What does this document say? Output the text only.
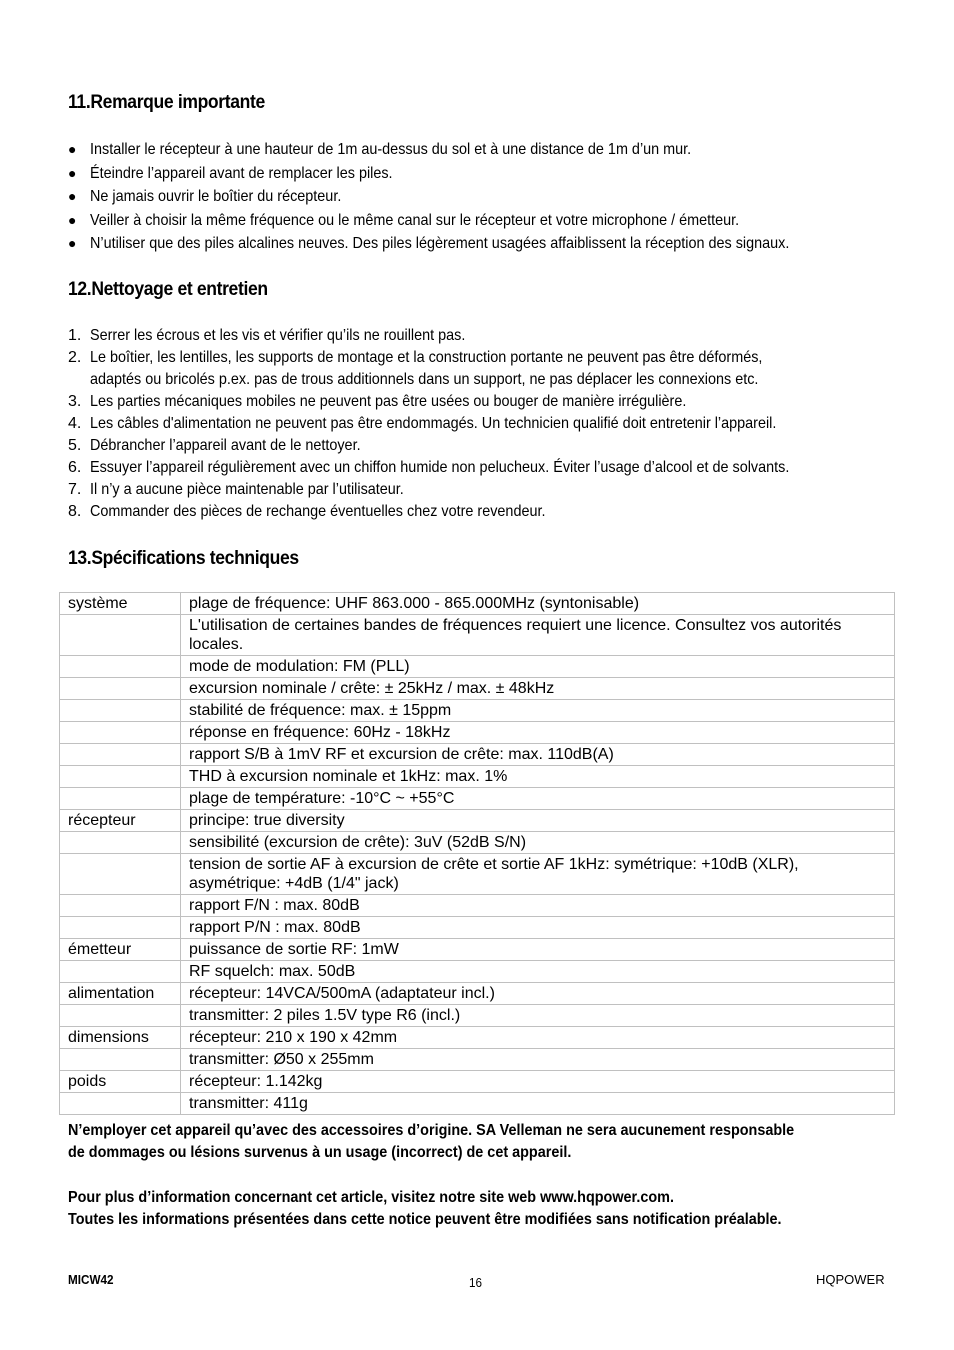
11.Remarque importante
● Installer le récepteur à une hauteur de 1m au-dessus du sol et à une distance de 1m d’un mur.
● Éteindre l’appareil avant de remplacer les piles.
● Ne jamais ouvrir le boîtier du récepteur.
● Veiller à choisir la même fréquence ou le même canal sur le récepteur et votre microphone / émetteur.
● N’utiliser que des piles alcalines neuves. Des piles légèrement usagées affaiblissent la réception des signaux.
12.Nettoyage et entretien
1. Serrer les écrous et les vis et vérifier qu’ils ne rouillent pas.
2. Le boîtier, les lentilles, les supports de montage et la construction portante ne peuvent pas être déformés,
adaptés ou bricolés p.ex. pas de trous additionnels dans un support, ne pas déplacer les connexions etc.
3. Les parties mécaniques mobiles ne peuvent pas être usées ou bouger de manière irrégulière.
4. Les câbles d'alimentation ne peuvent pas être endommagés. Un technicien qualifié doit entretenir l’appareil.
5. Débrancher l’appareil avant de le nettoyer.
6. Essuyer l’appareil régulièrement avec un chiffon humide non pelucheux. Éviter l’usage d’alcool et de solvants.
7. Il n’y a aucune pièce maintenable par l’utilisateur.
8. Commander des pièces de rechange éventuelles chez votre revendeur.
13.Spécifications techniques
système	plage de fréquence: UHF 863.000 - 865.000MHz (syntonisable)
	L'utilisation de certaines bandes de fréquences requiert une licence. Consultez vos autorités locales.
	mode de modulation: FM (PLL)
	excursion nominale / crête: ± 25kHz / max. ± 48kHz
	stabilité de fréquence: max. ± 15ppm
	réponse en fréquence: 60Hz - 18kHz
	rapport S/B à 1mV RF et excursion de crête: max. 110dB(A)
	THD à excursion nominale et 1kHz: max. 1%
	plage de température: -10°C ~ +55°C
récepteur	principe: true diversity
	sensibilité (excursion de crête): 3uV (52dB S/N)
	tension de sortie AF à excursion de crête et sortie AF 1kHz: symétrique: +10dB (XLR), asymétrique: +4dB (1/4" jack)
	rapport F/N : max. 80dB
	rapport P/N : max. 80dB
émetteur	puissance de sortie RF: 1mW
	RF squelch: max. 50dB
alimentation	récepteur: 14VCA/500mA (adaptateur incl.)
	transmitter: 2 piles 1.5V type R6 (incl.)
dimensions	récepteur: 210 x 190 x 42mm
	transmitter: Ø50 x 255mm
poids	récepteur: 1.142kg
	transmitter: 411g

N’employer cet appareil qu’avec des accessoires d’origine. SA Velleman ne sera aucunement responsable
de dommages ou lésions survenus à un usage (incorrect) de cet appareil.

Pour plus d’information concernant cet article, visitez notre site web www.hqpower.com.
Toutes les informations présentées dans cette notice peuvent être modifiées sans notification préalable.

MICW42	16	HQPOWER
